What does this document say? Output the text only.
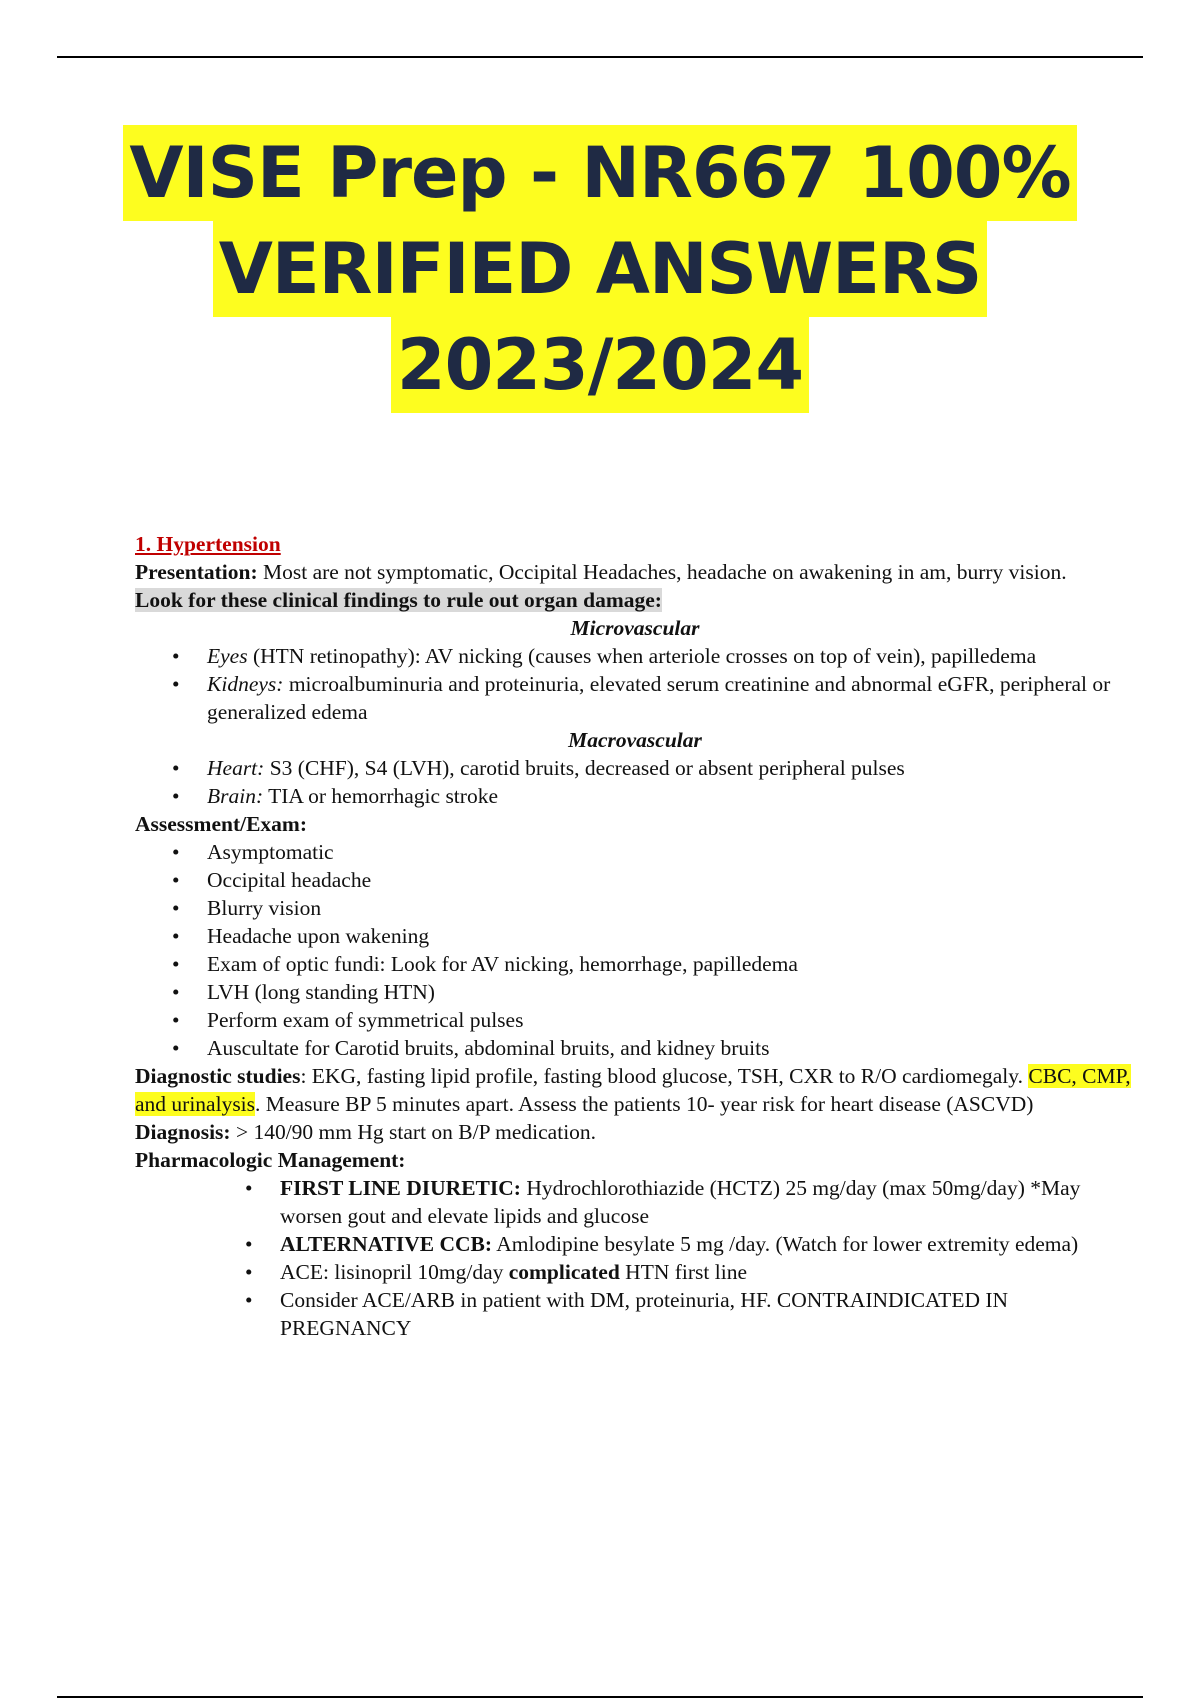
VISE Prep - NR667 100%
VERIFIED ANSWERS
2023/2024

1. Hypertension

Presentation: Most are not symptomatic, Occipital Headaches, headache on awakening in am, burry vision.

Look for these clinical findings to rule out organ damage:

Microvascular

• Eyes (HTN retinopathy): AV nicking (causes when arteriole crosses on top of vein), papilledema
• Kidneys: microalbuminuria and proteinuria, elevated serum creatinine and abnormal eGFR, peripheral or generalized edema

Macrovascular

• Heart: S3 (CHF), S4 (LVH), carotid bruits, decreased or absent peripheral pulses
• Brain: TIA or hemorrhagic stroke

Assessment/Exam:

• Asymptomatic
• Occipital headache
• Blurry vision
• Headache upon wakening
• Exam of optic fundi: Look for AV nicking, hemorrhage, papilledema
• LVH (long standing HTN)
• Perform exam of symmetrical pulses
• Auscultate for Carotid bruits, abdominal bruits, and kidney bruits

Diagnostic studies: EKG, fasting lipid profile, fasting blood glucose, TSH, CXR to R/O cardiomegaly. CBC, CMP, and urinalysis. Measure BP 5 minutes apart. Assess the patients 10- year risk for heart disease (ASCVD)

Diagnosis: > 140/90 mm Hg start on B/P medication.

Pharmacologic Management:

• FIRST LINE DIURETIC: Hydrochlorothiazide (HCTZ) 25 mg/day (max 50mg/day) *May worsen gout and elevate lipids and glucose
• ALTERNATIVE CCB: Amlodipine besylate 5 mg /day. (Watch for lower extremity edema)
• ACE: lisinopril 10mg/day complicated HTN first line
• Consider ACE/ARB in patient with DM, proteinuria, HF. CONTRAINDICATED IN PREGNANCY
